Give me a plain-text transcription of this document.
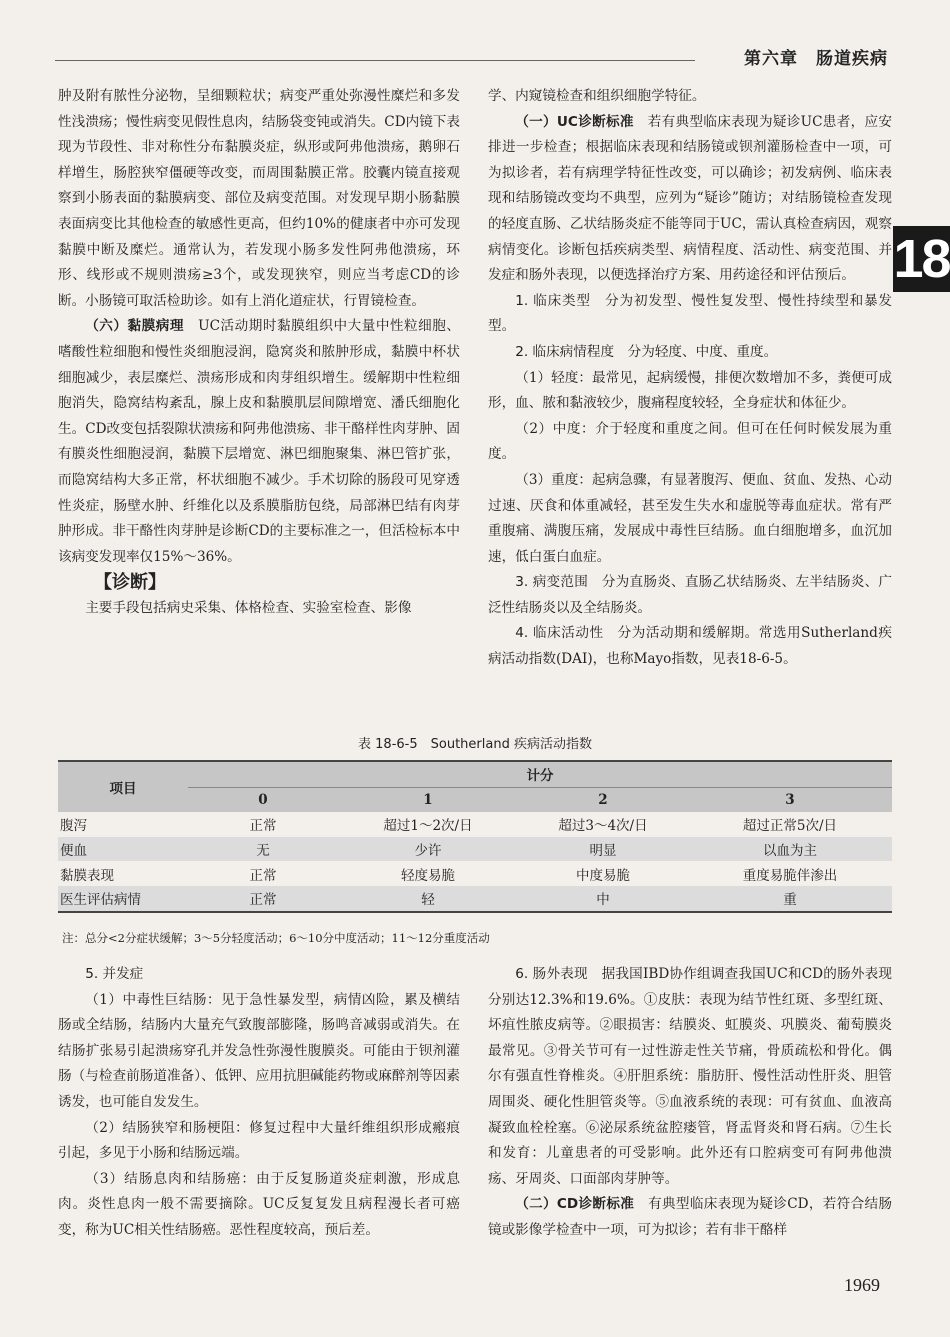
第六章　肠道疾病
18

肿及附有脓性分泌物，呈细颗粒状；病变严重处弥漫性糜烂和多发性浅溃疡；慢性病变见假性息肉，结肠袋变钝或消失。CD内镜下表现为节段性、非对称性分布黏膜炎症，纵形或阿弗他溃疡，鹅卵石样增生，肠腔狭窄僵硬等改变，而周围黏膜正常。胶囊内镜直接观察到小肠表面的黏膜病变、部位及病变范围。对发现早期小肠黏膜表面病变比其他检查的敏感性更高，但约10%的健康者中亦可发现黏膜中断及糜烂。通常认为，若发现小肠多发性阿弗他溃疡，环形、线形或不规则溃疡≥3个，或发现狭窄，则应当考虑CD的诊断。小肠镜可取活检助诊。如有上消化道症状，行胃镜检查。

（六）黏膜病理　UC活动期时黏膜组织中大量中性粒细胞、嗜酸性粒细胞和慢性炎细胞浸润，隐窝炎和脓肿形成，黏膜中杯状细胞减少，表层糜烂、溃疡形成和肉芽组织增生。缓解期中性粒细胞消失，隐窝结构紊乱，腺上皮和黏膜肌层间隙增宽、潘氏细胞化生。CD改变包括裂隙状溃疡和阿弗他溃疡、非干酪样性肉芽肿、固有膜炎性细胞浸润，黏膜下层增宽、淋巴细胞聚集、淋巴管扩张，而隐窝结构大多正常，杯状细胞不减少。手术切除的肠段可见穿透性炎症，肠壁水肿、纤维化以及系膜脂肪包绕，局部淋巴结有肉芽肿形成。非干酪性肉芽肿是诊断CD的主要标准之一，但活检标本中该病变发现率仅15%～36%。

【诊断】

主要手段包括病史采集、体格检查、实验室检查、影像

学、内窥镜检查和组织细胞学特征。

（一）UC诊断标准　若有典型临床表现为疑诊UC患者，应安排进一步检查；根据临床表现和结肠镜或钡剂灌肠检查中一项，可为拟诊者，若有病理学特征性改变，可以确诊；初发病例、临床表现和结肠镜改变均不典型，应列为“疑诊”随访；对结肠镜检查发现的轻度直肠、乙状结肠炎症不能等同于UC，需认真检查病因，观察病情变化。诊断包括疾病类型、病情程度、活动性、病变范围、并发症和肠外表现，以便选择治疗方案、用药途径和评估预后。

1. 临床类型　分为初发型、慢性复发型、慢性持续型和暴发型。

2. 临床病情程度　分为轻度、中度、重度。

（1）轻度：最常见，起病缓慢，排便次数增加不多，粪便可成形，血、脓和黏液较少，腹痛程度较轻，全身症状和体征少。

（2）中度：介于轻度和重度之间。但可在任何时候发展为重度。

（3）重度：起病急骤，有显著腹泻、便血、贫血、发热、心动过速、厌食和体重减轻，甚至发生失水和虚脱等毒血症状。常有严重腹痛、满腹压痛，发展成中毒性巨结肠。血白细胞增多，血沉加速，低白蛋白血症。

3. 病变范围　分为直肠炎、直肠乙状结肠炎、左半结肠炎、广泛性结肠炎以及全结肠炎。

4. 临床活动性　分为活动期和缓解期。常选用Sutherland疾病活动指数(DAI)，也称Mayo指数，见表18-6-5。

表 18-6-5　Southerland 疾病活动指数
项目	计分			
	0	1	2	3
腹泻	正常	超过1～2次/日	超过3～4次/日	超过正常5次/日
便血	无	少许	明显	以血为主
黏膜表现	正常	轻度易脆	中度易脆	重度易脆伴渗出
医生评估病情	正常	轻	中	重
注：总分<2分症状缓解；3～5分轻度活动；6～10分中度活动；11～12分重度活动

5. 并发症

（1）中毒性巨结肠：见于急性暴发型，病情凶险，累及横结肠或全结肠，结肠内大量充气致腹部膨隆，肠鸣音减弱或消失。在结肠扩张易引起溃疡穿孔并发急性弥漫性腹膜炎。可能由于钡剂灌肠（与检查前肠道准备）、低钾、应用抗胆碱能药物或麻醉剂等因素诱发，也可能自发发生。

（2）结肠狭窄和肠梗阻：修复过程中大量纤维组织形成瘢痕引起，多见于小肠和结肠远端。

（3）结肠息肉和结肠癌：由于反复肠道炎症刺激，形成息肉。炎性息肉一般不需要摘除。UC反复复发且病程漫长者可癌变，称为UC相关性结肠癌。恶性程度较高，预后差。

6. 肠外表现　据我国IBD协作组调查我国UC和CD的肠外表现分别达12.3%和19.6%。①皮肤：表现为结节性红斑、多型红斑、坏疽性脓皮病等。②眼损害：结膜炎、虹膜炎、巩膜炎、葡萄膜炎最常见。③骨关节可有一过性游走性关节痛，骨质疏松和骨化。偶尔有强直性脊椎炎。④肝胆系统：脂肪肝、慢性活动性肝炎、胆管周围炎、硬化性胆管炎等。⑤血液系统的表现：可有贫血、血液高凝致血栓栓塞。⑥泌尿系统盆腔瘘管，肾盂肾炎和肾石病。⑦生长和发育：儿童患者的可受影响。此外还有口腔病变可有阿弗他溃疡、牙周炎、口面部肉芽肿等。

（二）CD诊断标准　有典型临床表现为疑诊CD，若符合结肠镜或影像学检查中一项，可为拟诊；若有非干酪样

1969
